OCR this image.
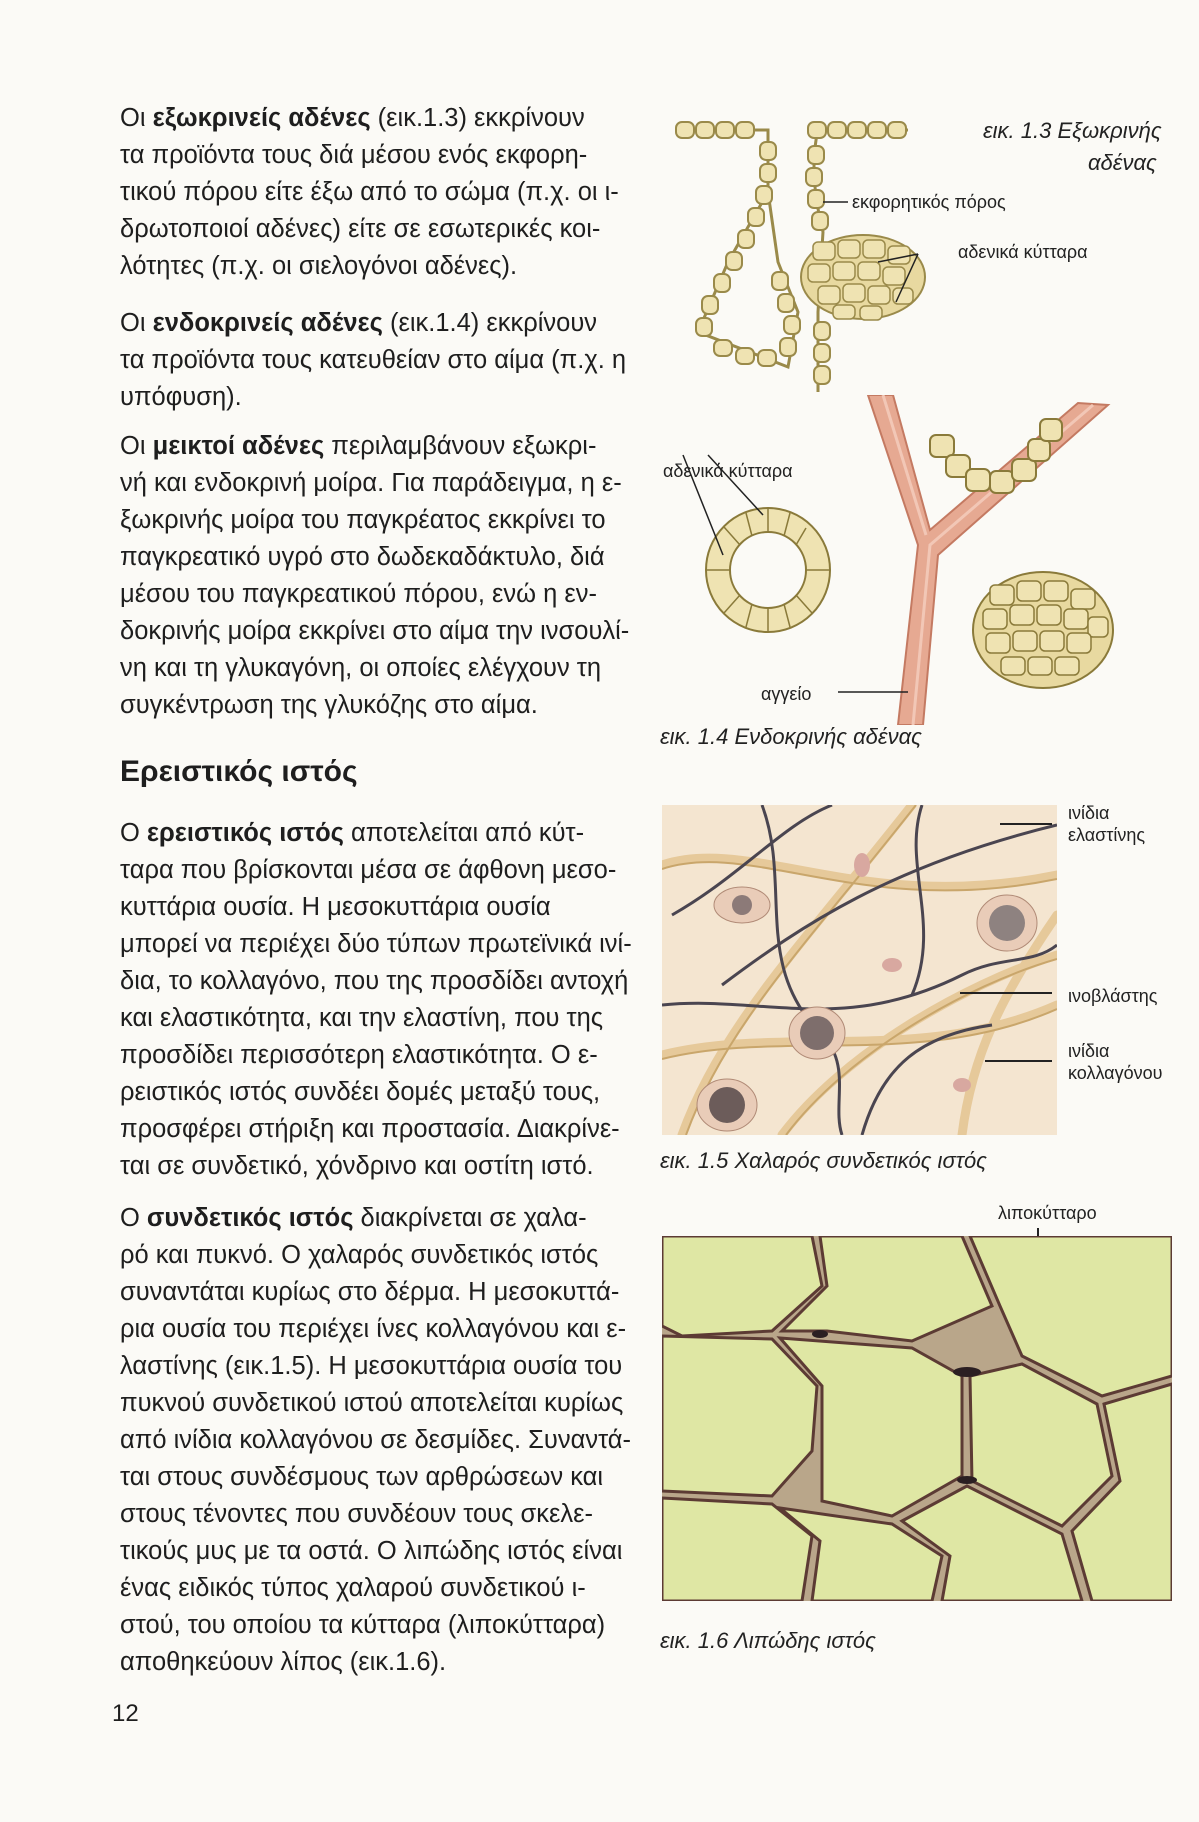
Οι εξωκρινείς αδένες (εικ.1.3) εκκρίνουν
τα προϊόντα τους διά μέσου ενός εκφορη-
τικού πόρου είτε έξω από το σώμα (π.χ. οι ι-
δρωτοποιοί αδένες) είτε σε εσωτερικές κοι-
λότητες (π.χ. οι σιελογόνοι αδένες).

Οι ενδοκρινείς αδένες (εικ.1.4) εκκρίνουν
τα προϊόντα τους κατευθείαν στο αίμα (π.χ. η
υπόφυση).

Οι μεικτοί αδένες περιλαμβάνουν εξωκρι-
νή και ενδοκρινή μοίρα. Για παράδειγμα, η ε-
ξωκρινής μοίρα του παγκρέατος εκκρίνει το
παγκρεατικό υγρό στο δωδεκαδάκτυλο, διά
μέσου του παγκρεατικού πόρου, ενώ η εν-
δοκρινής μοίρα εκκρίνει στο αίμα την ινσουλί-
νη και τη γλυκαγόνη, οι οποίες ελέγχουν τη
συγκέντρωση της γλυκόζης στο αίμα.

Ερειστικός ιστός

Ο ερειστικός ιστός αποτελείται από κύτ-
ταρα που βρίσκονται μέσα σε άφθονη μεσο-
κυττάρια ουσία. Η μεσοκυττάρια ουσία
μπορεί να περιέχει δύο τύπων πρωτεϊνικά ινί-
δια, το κολλαγόνο, που της προσδίδει αντοχή
και ελαστικότητα, και την ελαστίνη, που της
προσδίδει περισσότερη ελαστικότητα. Ο ε-
ρειστικός ιστός συνδέει δομές μεταξύ τους,
προσφέρει στήριξη και προστασία. Διακρίνε-
ται σε συνδετικό, χόνδρινο και οστίτη ιστό.

Ο συνδετικός ιστός διακρίνεται σε χαλα-
ρό και πυκνό. Ο χαλαρός συνδετικός ιστός
συναντάται κυρίως στο δέρμα. Η μεσοκυττά-
ρια ουσία του περιέχει ίνες κολλαγόνου και ε-
λαστίνης (εικ.1.5). Η μεσοκυττάρια ουσία του
πυκνού συνδετικού ιστού αποτελείται κυρίως
από ινίδια κολλαγόνου σε δεσμίδες. Συναντά-
ται στους συνδέσμους των αρθρώσεων και
στους τένοντες που συνδέουν τους σκελε-
τικούς μυς με τα οστά. Ο λιπώδης ιστός είναι
ένας ειδικός τύπος χαλαρού συνδετικού ι-
στού, του οποίου τα κύτταρα (λιποκύτταρα)
αποθηκεύουν λίπος (εικ.1.6).

εκφορητικός πόρος
αδενικά κύτταρα
εικ. 1.3 Εξωκρινής
αδένας
αδενικά κύτταρα
αγγείο
εικ. 1.4 Ενδοκρινής αδένας
ινίδια
ελαστίνης
ινοβλάστης
ινίδια
κολλαγόνου
εικ. 1.5 Χαλαρός συνδετικός ιστός
λιποκύτταρο
εικ. 1.6 Λιπώδης ιστός
12
